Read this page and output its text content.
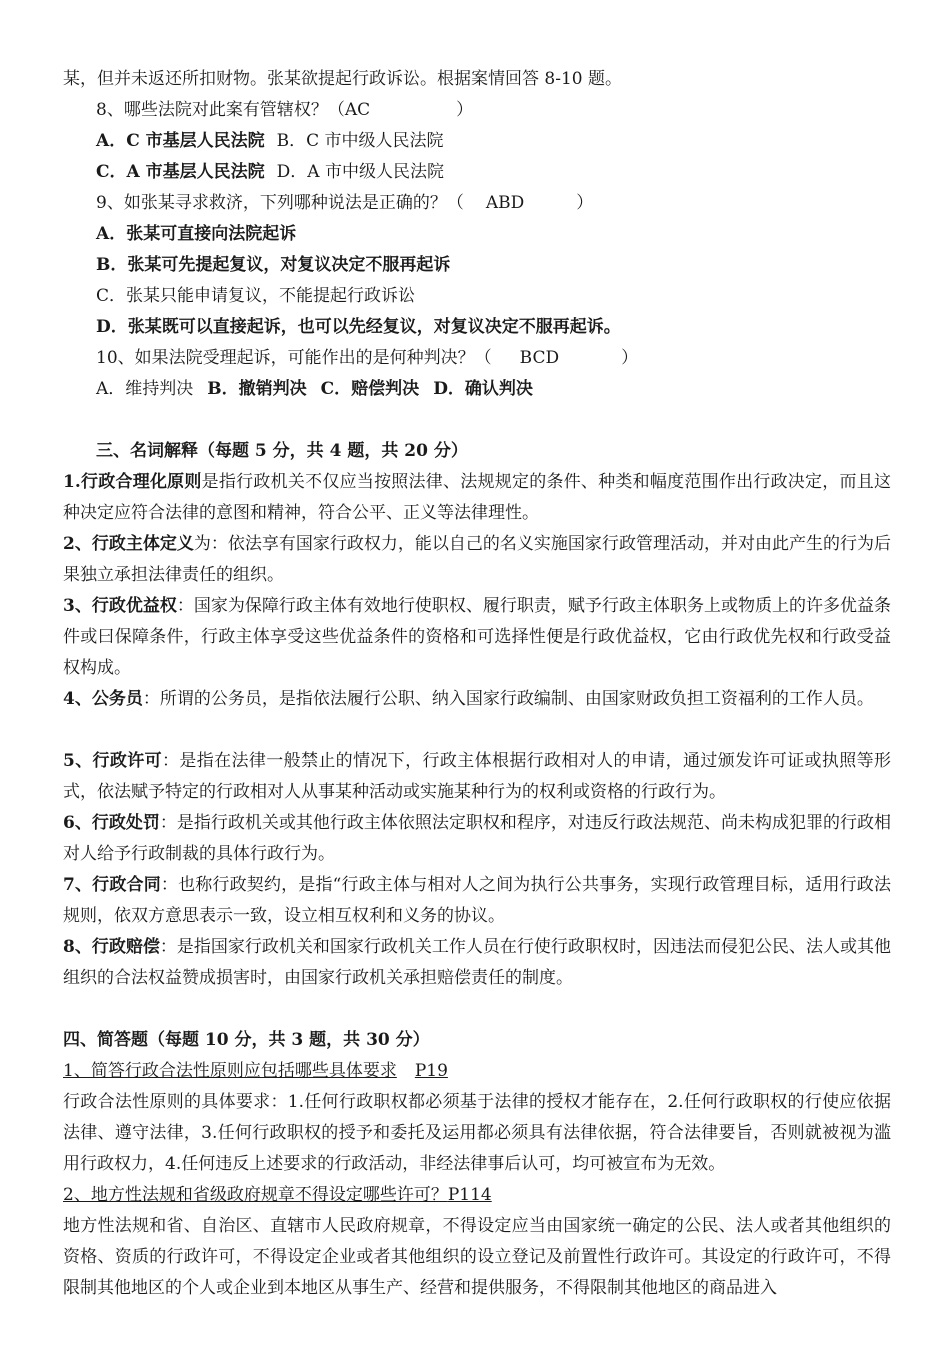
某，但并未返还所扣财物。张某欲提起行政诉讼。根据案情回答 8-10 题。
8、哪些法院对此案有管辖权？（AC	）
A．C 市基层人民法院 B．C 市中级人民法院
C．A 市基层人民法院 D．A 市中级人民法院
9、如张某寻求救济，下列哪种说法是正确的？（ ABD	）
A．张某可直接向法院起诉
B．张某可先提起复议，对复议决定不服再起诉
C．张某只能申请复议，不能提起行政诉讼
D．张某既可以直接起诉，也可以先经复议，对复议决定不服再起诉。
10、如果法院受理起诉，可能作出的是何种判决？（ BCD	）
A．维持判决 B．撤销判决 C．赔偿判决 D．确认判决
三、名词解释（每题 5 分，共 4 题，共 20 分）
1.行政合理化原则是指行政机关不仅应当按照法律、法规规定的条件、种类和幅度范围作出行政决定，而且这种决定应符合法律的意图和精神，符合公平、正义等法律理性。
2、行政主体定义为：依法享有国家行政权力，能以自己的名义实施国家行政管理活动，并对由此产生的行为后果独立承担法律责任的组织。
3、行政优益权：国家为保障行政主体有效地行使职权、履行职责，赋予行政主体职务上或物质上的许多优益条件或曰保障条件，行政主体享受这些优益条件的资格和可选择性便是行政优益权，它由行政优先权和行政受益权构成。
4、公务员：所谓的公务员，是指依法履行公职、纳入国家行政编制、由国家财政负担工资福利的工作人员。
5、行政许可：是指在法律一般禁止的情况下，行政主体根据行政相对人的申请，通过颁发许可证或执照等形式，依法赋予特定的行政相对人从事某种活动或实施某种行为的权利或资格的行政行为。
6、行政处罚：是指行政机关或其他行政主体依照法定职权和程序，对违反行政法规范、尚未构成犯罪的行政相对人给予行政制裁的具体行政行为。
7、行政合同：也称行政契约，是指“行政主体与相对人之间为执行公共事务，实现行政管理目标，适用行政法规则，依双方意思表示一致，设立相互权利和义务的协议。
8、行政赔偿：是指国家行政机关和国家行政机关工作人员在行使行政职权时，因违法而侵犯公民、法人或其他组织的合法权益赞成损害时，由国家行政机关承担赔偿责任的制度。
四、简答题（每题 10 分，共 3 题，共 30 分）
1、简答行政合法性原则应包括哪些具体要求 P19
行政合法性原则的具体要求：1.任何行政职权都必须基于法律的授权才能存在，2.任何行政职权的行使应依据法律、遵守法律，3.任何行政职权的授予和委托及运用都必须具有法律依据，符合法律要旨，否则就被视为滥用行政权力，4.任何违反上述要求的行政活动，非经法律事后认可，均可被宣布为无效。
2、地方性法规和省级政府规章不得设定哪些许可？P114
地方性法规和省、自治区、直辖市人民政府规章，不得设定应当由国家统一确定的公民、法人或者其他组织的资格、资质的行政许可，不得设定企业或者其他组织的设立登记及前置性行政许可。其设定的行政许可，不得限制其他地区的个人或企业到本地区从事生产、经营和提供服务，不得限制其他地区的商品进入
